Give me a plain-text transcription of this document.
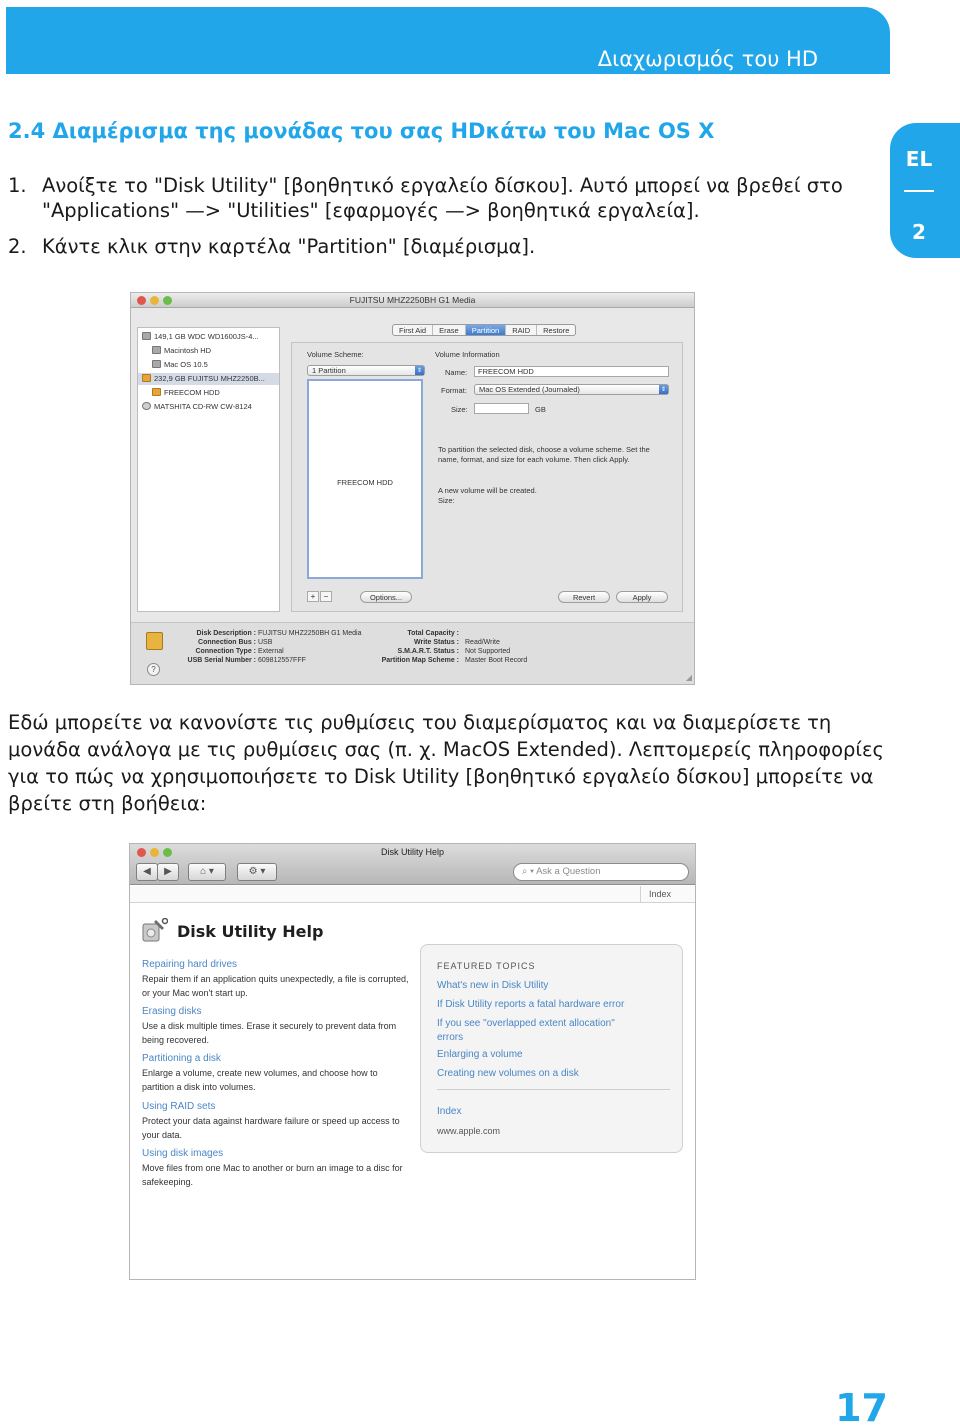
Διαχωρισμός του HD
EL
2
2.4 Διαμέρισμα της μονάδας του σας HDκάτω του Mac OS X
1. Ανοίξτε το "Disk Utility" [βοηθητικό εργαλείο δίσκου]. Αυτό μπορεί να βρεθεί στο
"Applications" —> "Utilities" [εφαρμογές —> βοηθητικά εργαλεία].
2. Κάντε κλικ στην καρτέλα "Partition" [διαμέρισμα].
FUJITSU MHZ2250BH G1 Media
149,1 GB WDC WD1600JS-4...
Macintosh HD
Mac OS 10.5
232,9 GB FUJITSU MHZ2250B...
FREECOM HDD
MATSHITA CD-RW CW-8124
First Aid	Erase	Partition	RAID	Restore
Volume Scheme:
1 Partition	⇕
FREECOM HDD
+	−	Options...
Volume Information
Name:	FREECOM HDD
Format:	Mac OS Extended (Journaled)	⇕
Size:	GB
To partition the selected disk, choose a volume scheme. Set the
name, format, and size for each volume. Then click Apply.
A new volume will be created.
Size:
Revert	Apply
?
Disk Description : FUJITSU MHZ2250BH G1 Media
Connection Bus : USB
Connection Type : External
USB Serial Number : 609812557FFF
Total Capacity :
Write Status : Read/Write
S.M.A.R.T. Status : Not Supported
Partition Map Scheme : Master Boot Record
◢
Εδώ μπορείτε να κανονίστε τις ρυθμίσεις του διαμερίσματος και να διαμερίσετε τη
μονάδα ανάλογα με τις ρυθμίσεις σας (π. χ. MacOS Extended). Λεπτομερείς πληροφορίες
για το πώς να χρησιμοποιήσετε το Disk Utility [βοηθητικό εργαλείο δίσκου] μπορείτε να
βρείτε στη βοήθεια:
Disk Utility Help
◀	▶	⌂ ▾	⚙ ▾	⌕ ▾ Ask a Question
Index
Disk Utility Help
Repairing hard drives
Repair them if an application quits unexpectedly, a file is corrupted, or your Mac won't start up.
Erasing disks
Use a disk multiple times. Erase it securely to prevent data from being recovered.
Partitioning a disk
Enlarge a volume, create new volumes, and choose how to partition a disk into volumes.
Using RAID sets
Protect your data against hardware failure or speed up access to your data.
Using disk images
Move files from one Mac to another or burn an image to a disc for safekeeping.
FEATURED TOPICS
What's new in Disk Utility
If Disk Utility reports a fatal hardware error
If you see "overlapped extent allocation"
errors
Enlarging a volume
Creating new volumes on a disk
Index
www.apple.com
17
